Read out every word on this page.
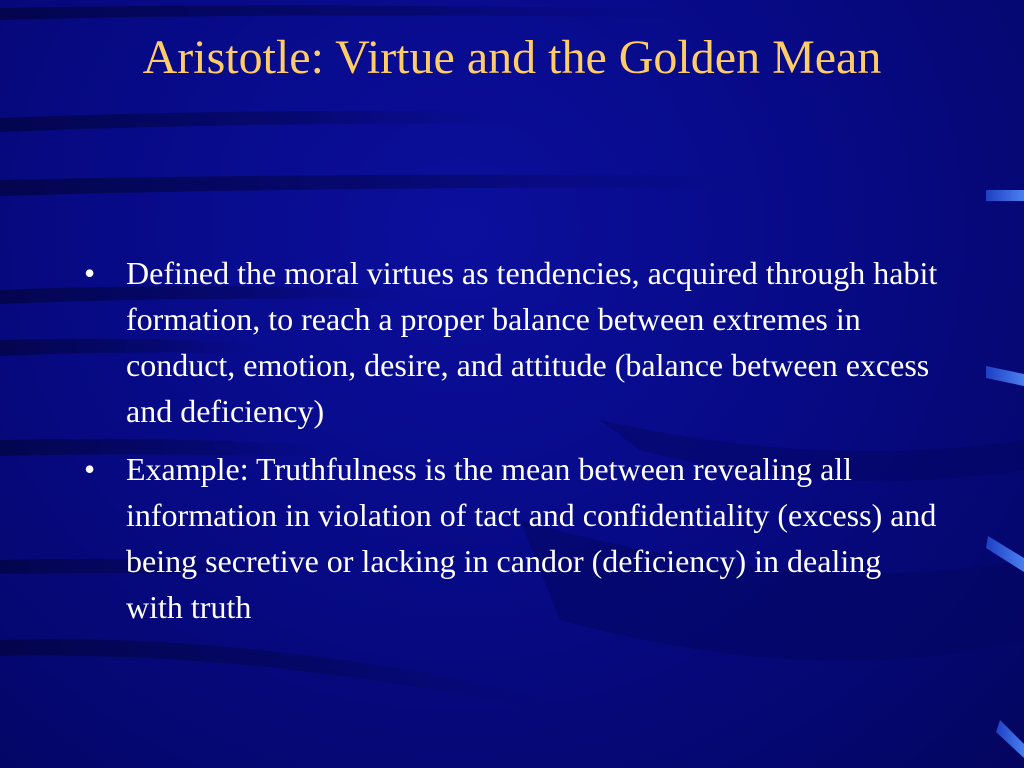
Aristotle: Virtue and the Golden Mean
• Defined the moral virtues as tendencies, acquired through habit formation, to reach a proper balance between extremes in conduct, emotion, desire, and attitude (balance between excess and deficiency)
• Example: Truthfulness is the mean between revealing all information in violation of tact and confidentiality (excess) and being secretive or lacking in candor (deficiency) in dealing with truth
